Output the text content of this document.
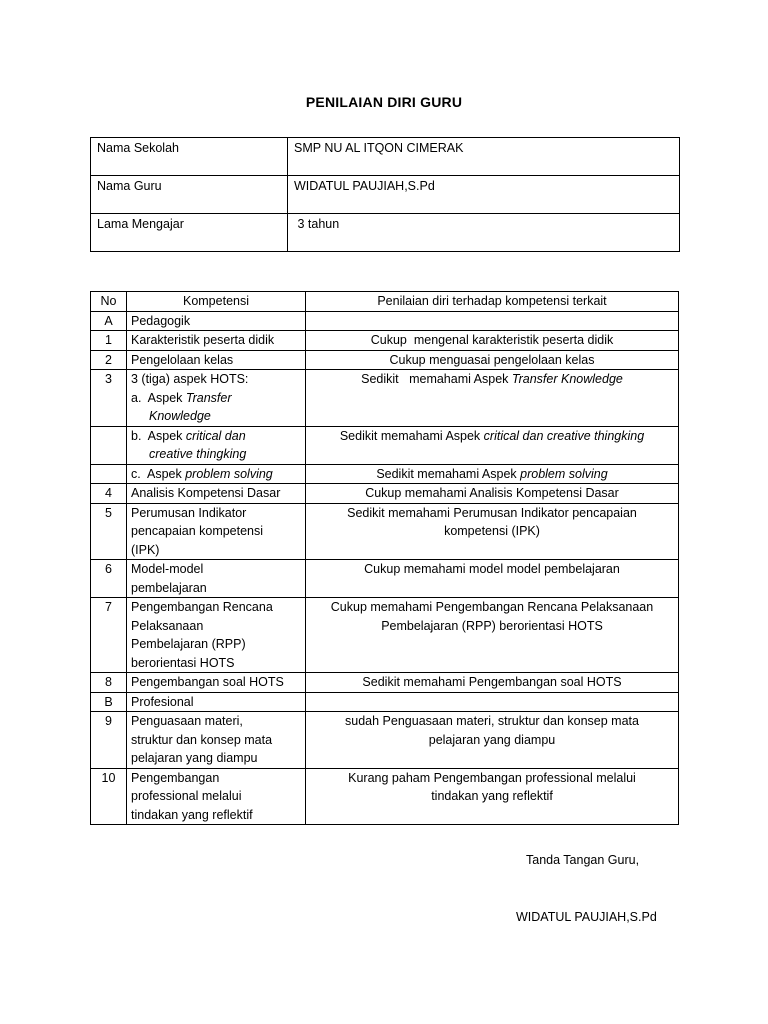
PENILAIAN DIRI GURU
Nama Sekolah	SMP NU AL ITQON CIMERAK
Nama Guru	WIDATUL PAUJIAH,S.Pd
Lama Mengajar	3 tahun
No	Kompetensi	Penilaian diri terhadap kompetensi terkait
A	Pedagogik	
1	Karakteristik peserta didik	Cukup  mengenal karakteristik peserta didik
2	Pengelolaan kelas	Cukup menguasai pengelolaan kelas
3	3 (tiga) aspek HOTS:
a.  Aspek Transfer
Knowledge	Sedikit   memahami Aspek Transfer Knowledge
	b.  Aspek critical dan
creative thingking	Sedikit memahami Aspek critical dan creative thingking
	c.  Aspek problem solving	Sedikit memahami Aspek problem solving
4	Analisis Kompetensi Dasar	Cukup memahami Analisis Kompetensi Dasar
5	Perumusan Indikator
pencapaian kompetensi
(IPK)	Sedikit memahami Perumusan Indikator pencapaian
kompetensi (IPK)
6	Model-model
pembelajaran	Cukup memahami model model pembelajaran
7	Pengembangan Rencana
Pelaksanaan
Pembelajaran (RPP)
berorientasi HOTS	Cukup memahami Pengembangan Rencana Pelaksanaan
Pembelajaran (RPP) berorientasi HOTS
8	Pengembangan soal HOTS	Sedikit memahami Pengembangan soal HOTS
B	Profesional	
9	Penguasaan materi,
struktur dan konsep mata
pelajaran yang diampu	sudah Penguasaan materi, struktur dan konsep mata
pelajaran yang diampu
10	Pengembangan
professional melalui
tindakan yang reflektif	Kurang paham Pengembangan professional melalui
tindakan yang reflektif
Tanda Tangan Guru,
WIDATUL PAUJIAH,S.Pd
